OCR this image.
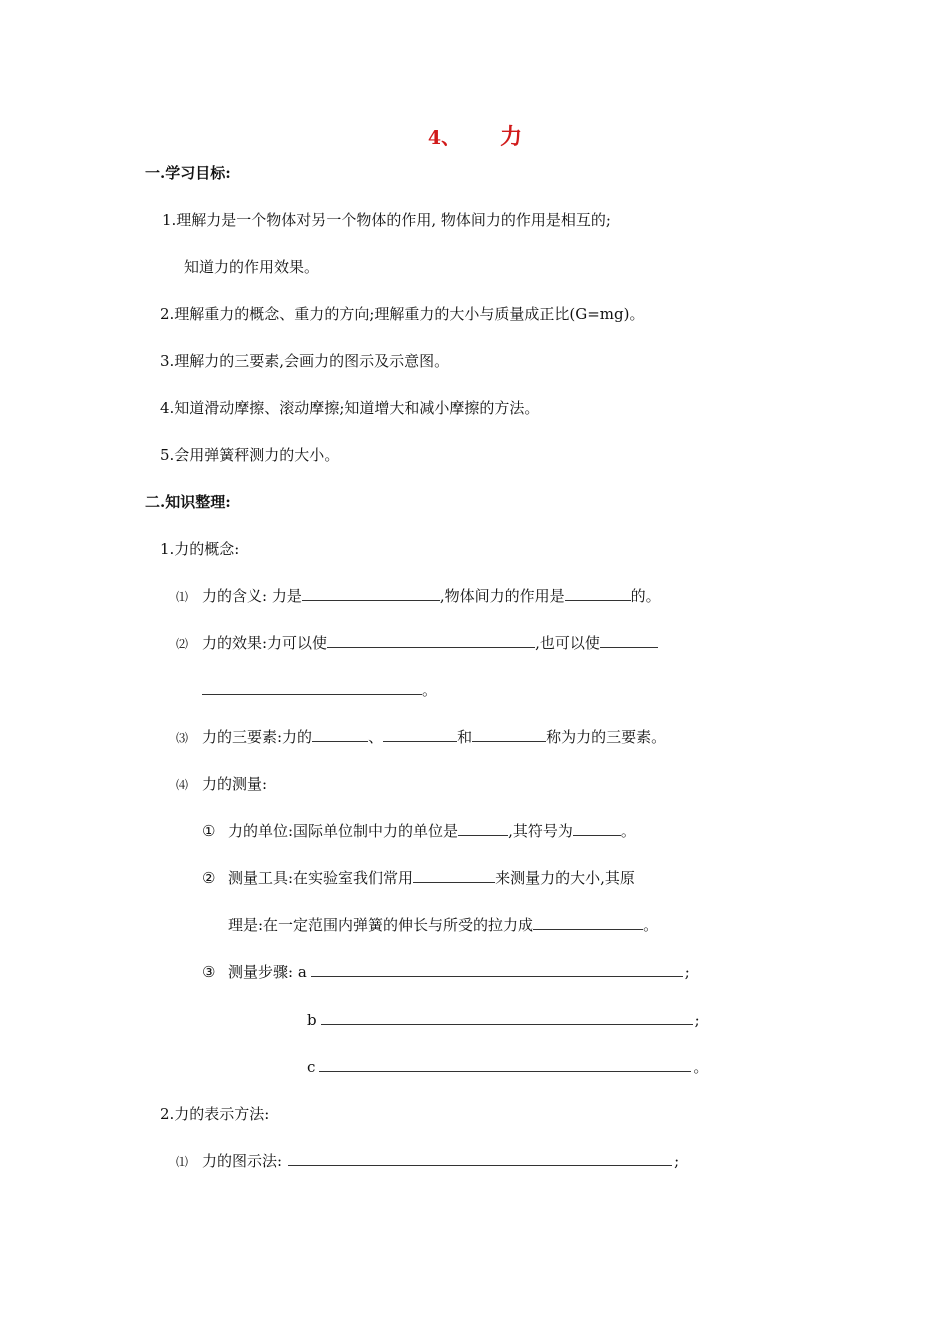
4、 力
一.学习目标:
1.理解力是一个物体对另一个物体的作用, 物体间力的作用是相互的;
知道力的作用效果。
2.理解重力的概念、重力的方向;理解重力的大小与质量成正比(G=mg)。
3.理解力的三要素,会画力的图示及示意图。
4.知道滑动摩擦、滚动摩擦;知道增大和减小摩擦的方法。
5.会用弹簧秤测力的大小。
二.知识整理:
1.力的概念:
⑴ 力的含义: 力是	,物体间力的作用是	的。
⑵ 力的效果:力可以使	,也可以使
。
⑶ 力的三要素:力的	、	和	称为力的三要素。
⑷ 力的测量:
① 力的单位:国际单位制中力的单位是	,其符号为	。
② 测量工具:在实验室我们常用	来测量力的大小,其原
理是:在一定范围内弹簧的伸长与所受的拉力成	。
③ 测量步骤: a	;
b	;
c	。
2.力的表示方法:
⑴ 力的图示法:	;
